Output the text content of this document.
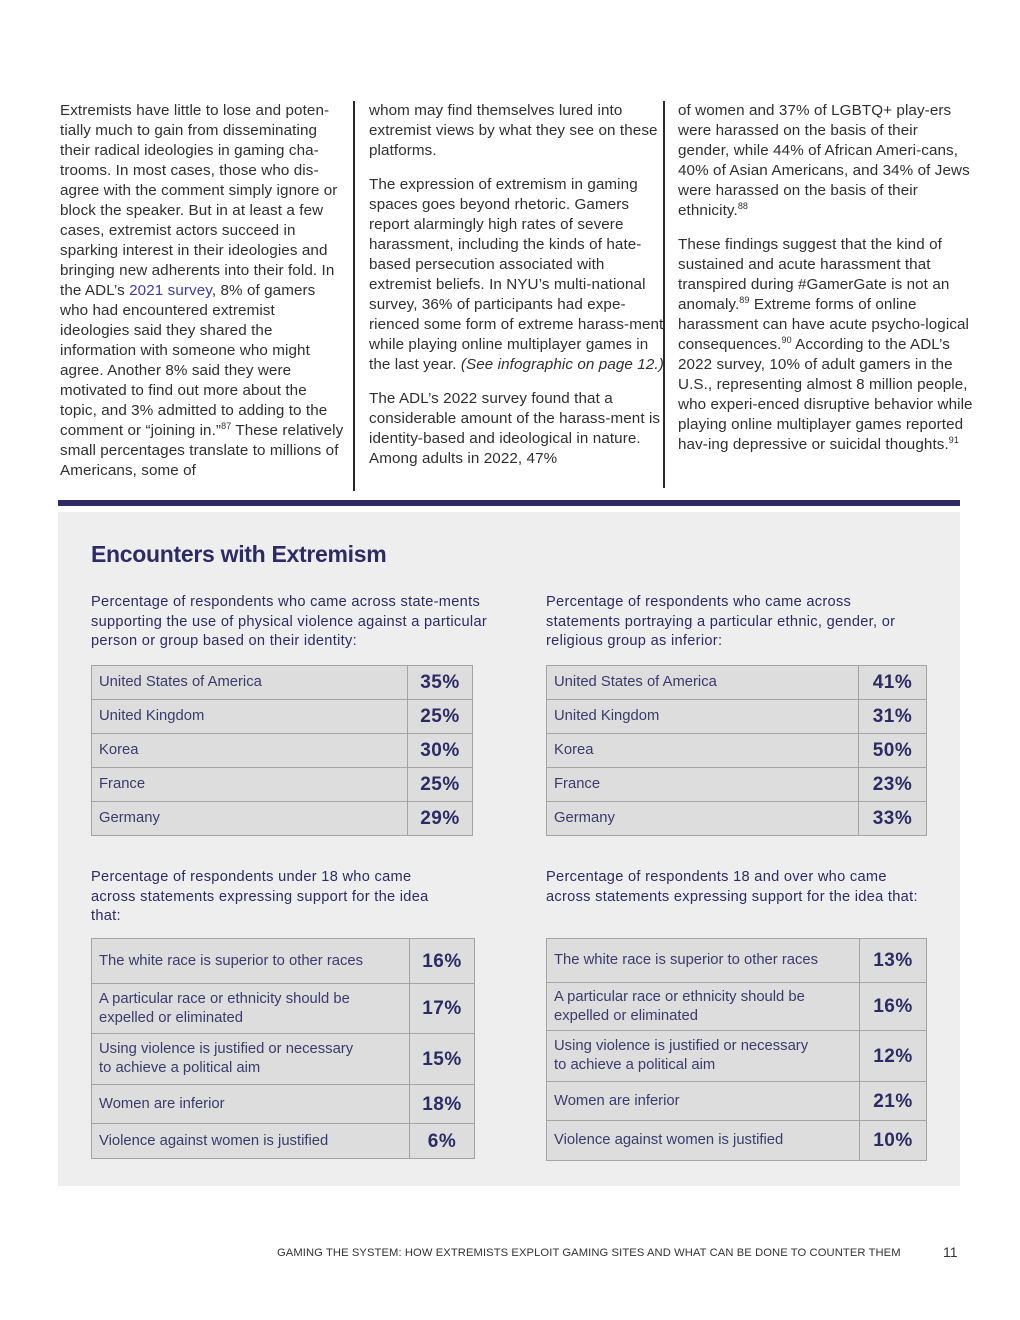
Extremists have little to lose and poten-tially much to gain from disseminating their radical ideologies in gaming cha-trooms. In most cases, those who dis-agree with the comment simply ignore or block the speaker. But in at least a few cases, extremist actors succeed in sparking interest in their ideologies and bringing new adherents into their fold. In the ADL’s 2021 survey, 8% of gamers who had encountered extremist ideologies said they shared the information with someone who might agree. Another 8% said they were motivated to find out more about the topic, and 3% admitted to adding to the comment or “joining in.”$^{87}$ These relatively small percentages translate to millions of Americans, some of

whom may find themselves lured into extremist views by what they see on these platforms.

The expression of extremism in gaming spaces goes beyond rhetoric. Gamers report alarmingly high rates of severe harassment, including the kinds of hate-based persecution associated with extremist beliefs. In NYU’s multi-national survey, 36% of participants had expe-rienced some form of extreme harass-ment while playing online multiplayer games in the last year. (See infographic on page 12.)

The ADL’s 2022 survey found that a considerable amount of the harass-ment is identity-based and ideological in nature. Among adults in 2022, 47%

of women and 37% of LGBTQ+ play-ers were harassed on the basis of their gender, while 44% of African Ameri-cans, 40% of Asian Americans, and 34% of Jews were harassed on the basis of their ethnicity.$^{88}$

These findings suggest that the kind of sustained and acute harassment that transpired during #GamerGate is not an anomaly.$^{89}$ Extreme forms of online harassment can have acute psycho-logical consequences.$^{90}$ According to the ADL’s 2022 survey, 10% of adult gamers in the U.S., representing almost 8 million people, who experi-enced disruptive behavior while playing online multiplayer games reported hav-ing depressive or suicidal thoughts.$^{91}$

Encounters with Extremism
Percentage of respondents who came across state-ments supporting the use of physical violence against a particular person or group based on their identity:
United States of America	35%
United Kingdom	25%
Korea	30%
France	25%
Germany	29%
Percentage of respondents who came across statements portraying a particular ethnic, gender, or religious group as inferior:
United States of America	41%
United Kingdom	31%
Korea	50%
France	23%
Germany	33%
Percentage of respondents under 18 who came across statements expressing support for the idea that:
The white race is superior to other races	16%
A particular race or ethnicity should be expelled or eliminated	17%
Using violence is justified or necessary to achieve a political aim	15%
Women are inferior	18%
Violence against women is justified	6%
Percentage of respondents 18 and over who came across statements expressing support for the idea that:
The white race is superior to other races	13%
A particular race or ethnicity should be expelled or eliminated	16%
Using violence is justified or necessary to achieve a political aim	12%
Women are inferior	21%
Violence against women is justified	10%
GAMING THE SYSTEM: HOW EXTREMISTS EXPLOIT GAMING SITES AND WHAT CAN BE DONE TO COUNTER THEM	11
